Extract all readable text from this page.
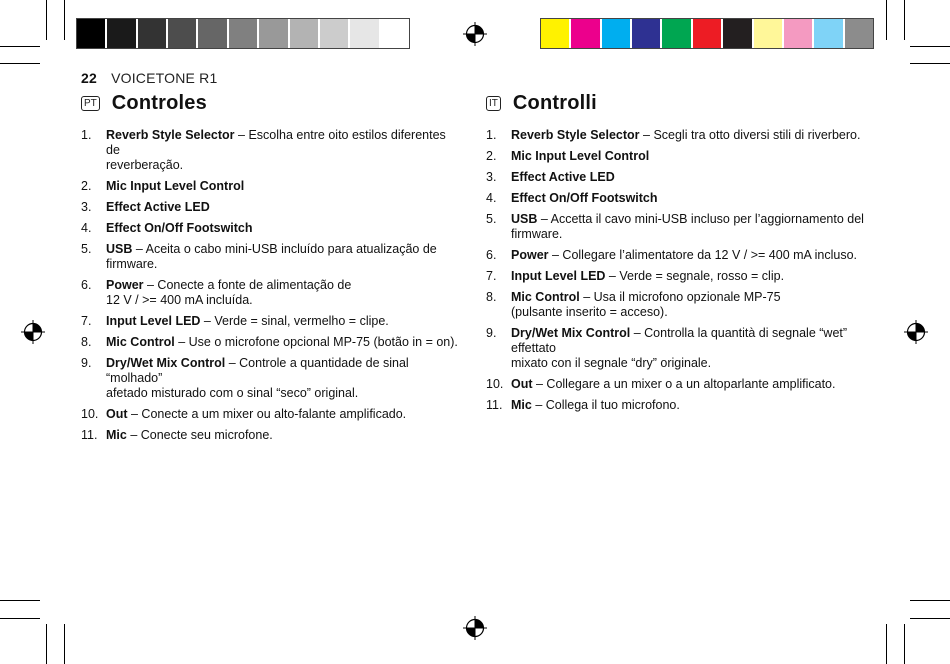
22 VOICETONE R1
PT Controles
1.	Reverb Style Selector – Escolha entre oito estilos diferentes de
reverberação.
2.	Mic Input Level Control
3.	Effect Active LED
4.	Effect On/Off Footswitch
5.	USB – Aceita o cabo mini-USB incluído para atualização de firmware.
6.	Power – Conecte a fonte de alimentação de
12 V / >= 400 mA incluída.
7.	Input Level LED – Verde = sinal, vermelho = clipe.
8.	Mic Control – Use o microfone opcional MP-75 (botão in = on).
9.	Dry/Wet Mix Control – Controle a quantidade de sinal “molhado”
afetado misturado com o sinal “seco” original.
10. Out – Conecte a um mixer ou alto-falante amplificado.
11. Mic – Conecte seu microfone.
IT Controlli
1.	Reverb Style Selector – Scegli tra otto diversi stili di riverbero.
2.	Mic Input Level Control
3.	Effect Active LED
4.	Effect On/Off Footswitch
5.	USB – Accetta il cavo mini-USB incluso per l’aggiornamento del firmware.
6.	Power – Collegare l’alimentatore da 12 V / >= 400 mA incluso.
7.	Input Level LED – Verde = segnale, rosso = clip.
8.	Mic Control – Usa il microfono opzionale MP-75
(pulsante inserito = acceso).
9.	Dry/Wet Mix Control – Controlla la quantità di segnale “wet” effettato
mixato con il segnale “dry” originale.
10. Out – Collegare a un mixer o a un altoparlante amplificato.
11. Mic – Collega il tuo microfono.
